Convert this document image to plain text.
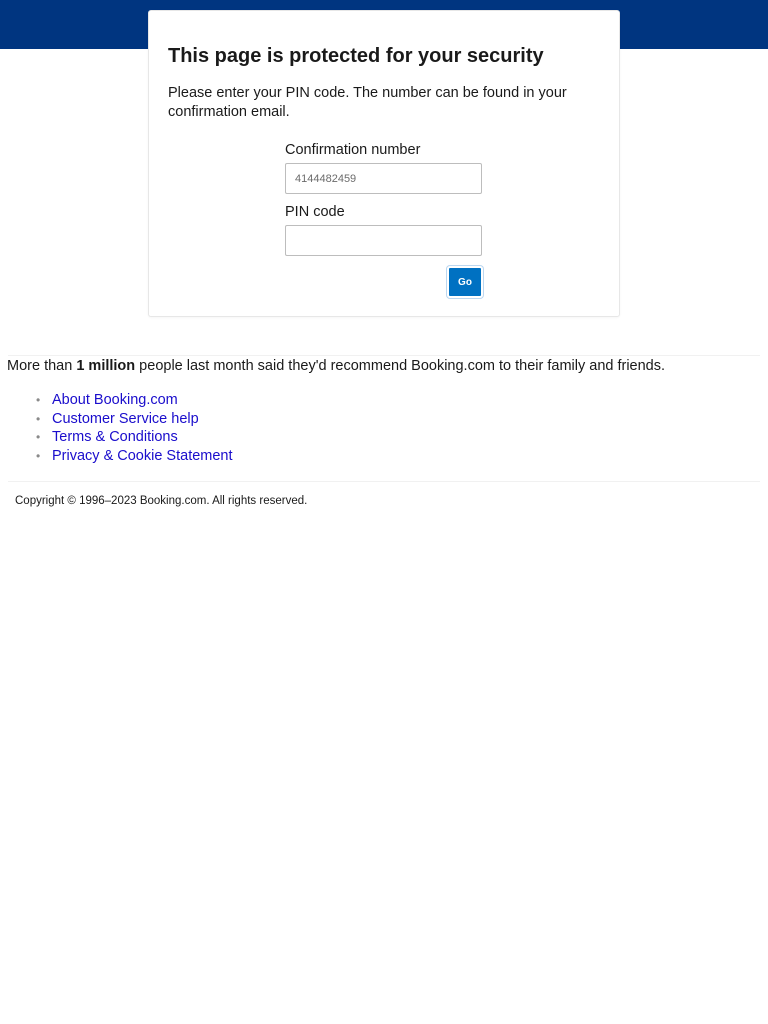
This page is protected for your security

Please enter your PIN code. The number can be found in your confirmation email.

Confirmation number
4144482459
PIN code
Go

More than 1 million people last month said they'd recommend Booking.com to their family and friends.

• About Booking.com
• Customer Service help
• Terms & Conditions
• Privacy & Cookie Statement

Copyright © 1996–2023 Booking.com. All rights reserved.
